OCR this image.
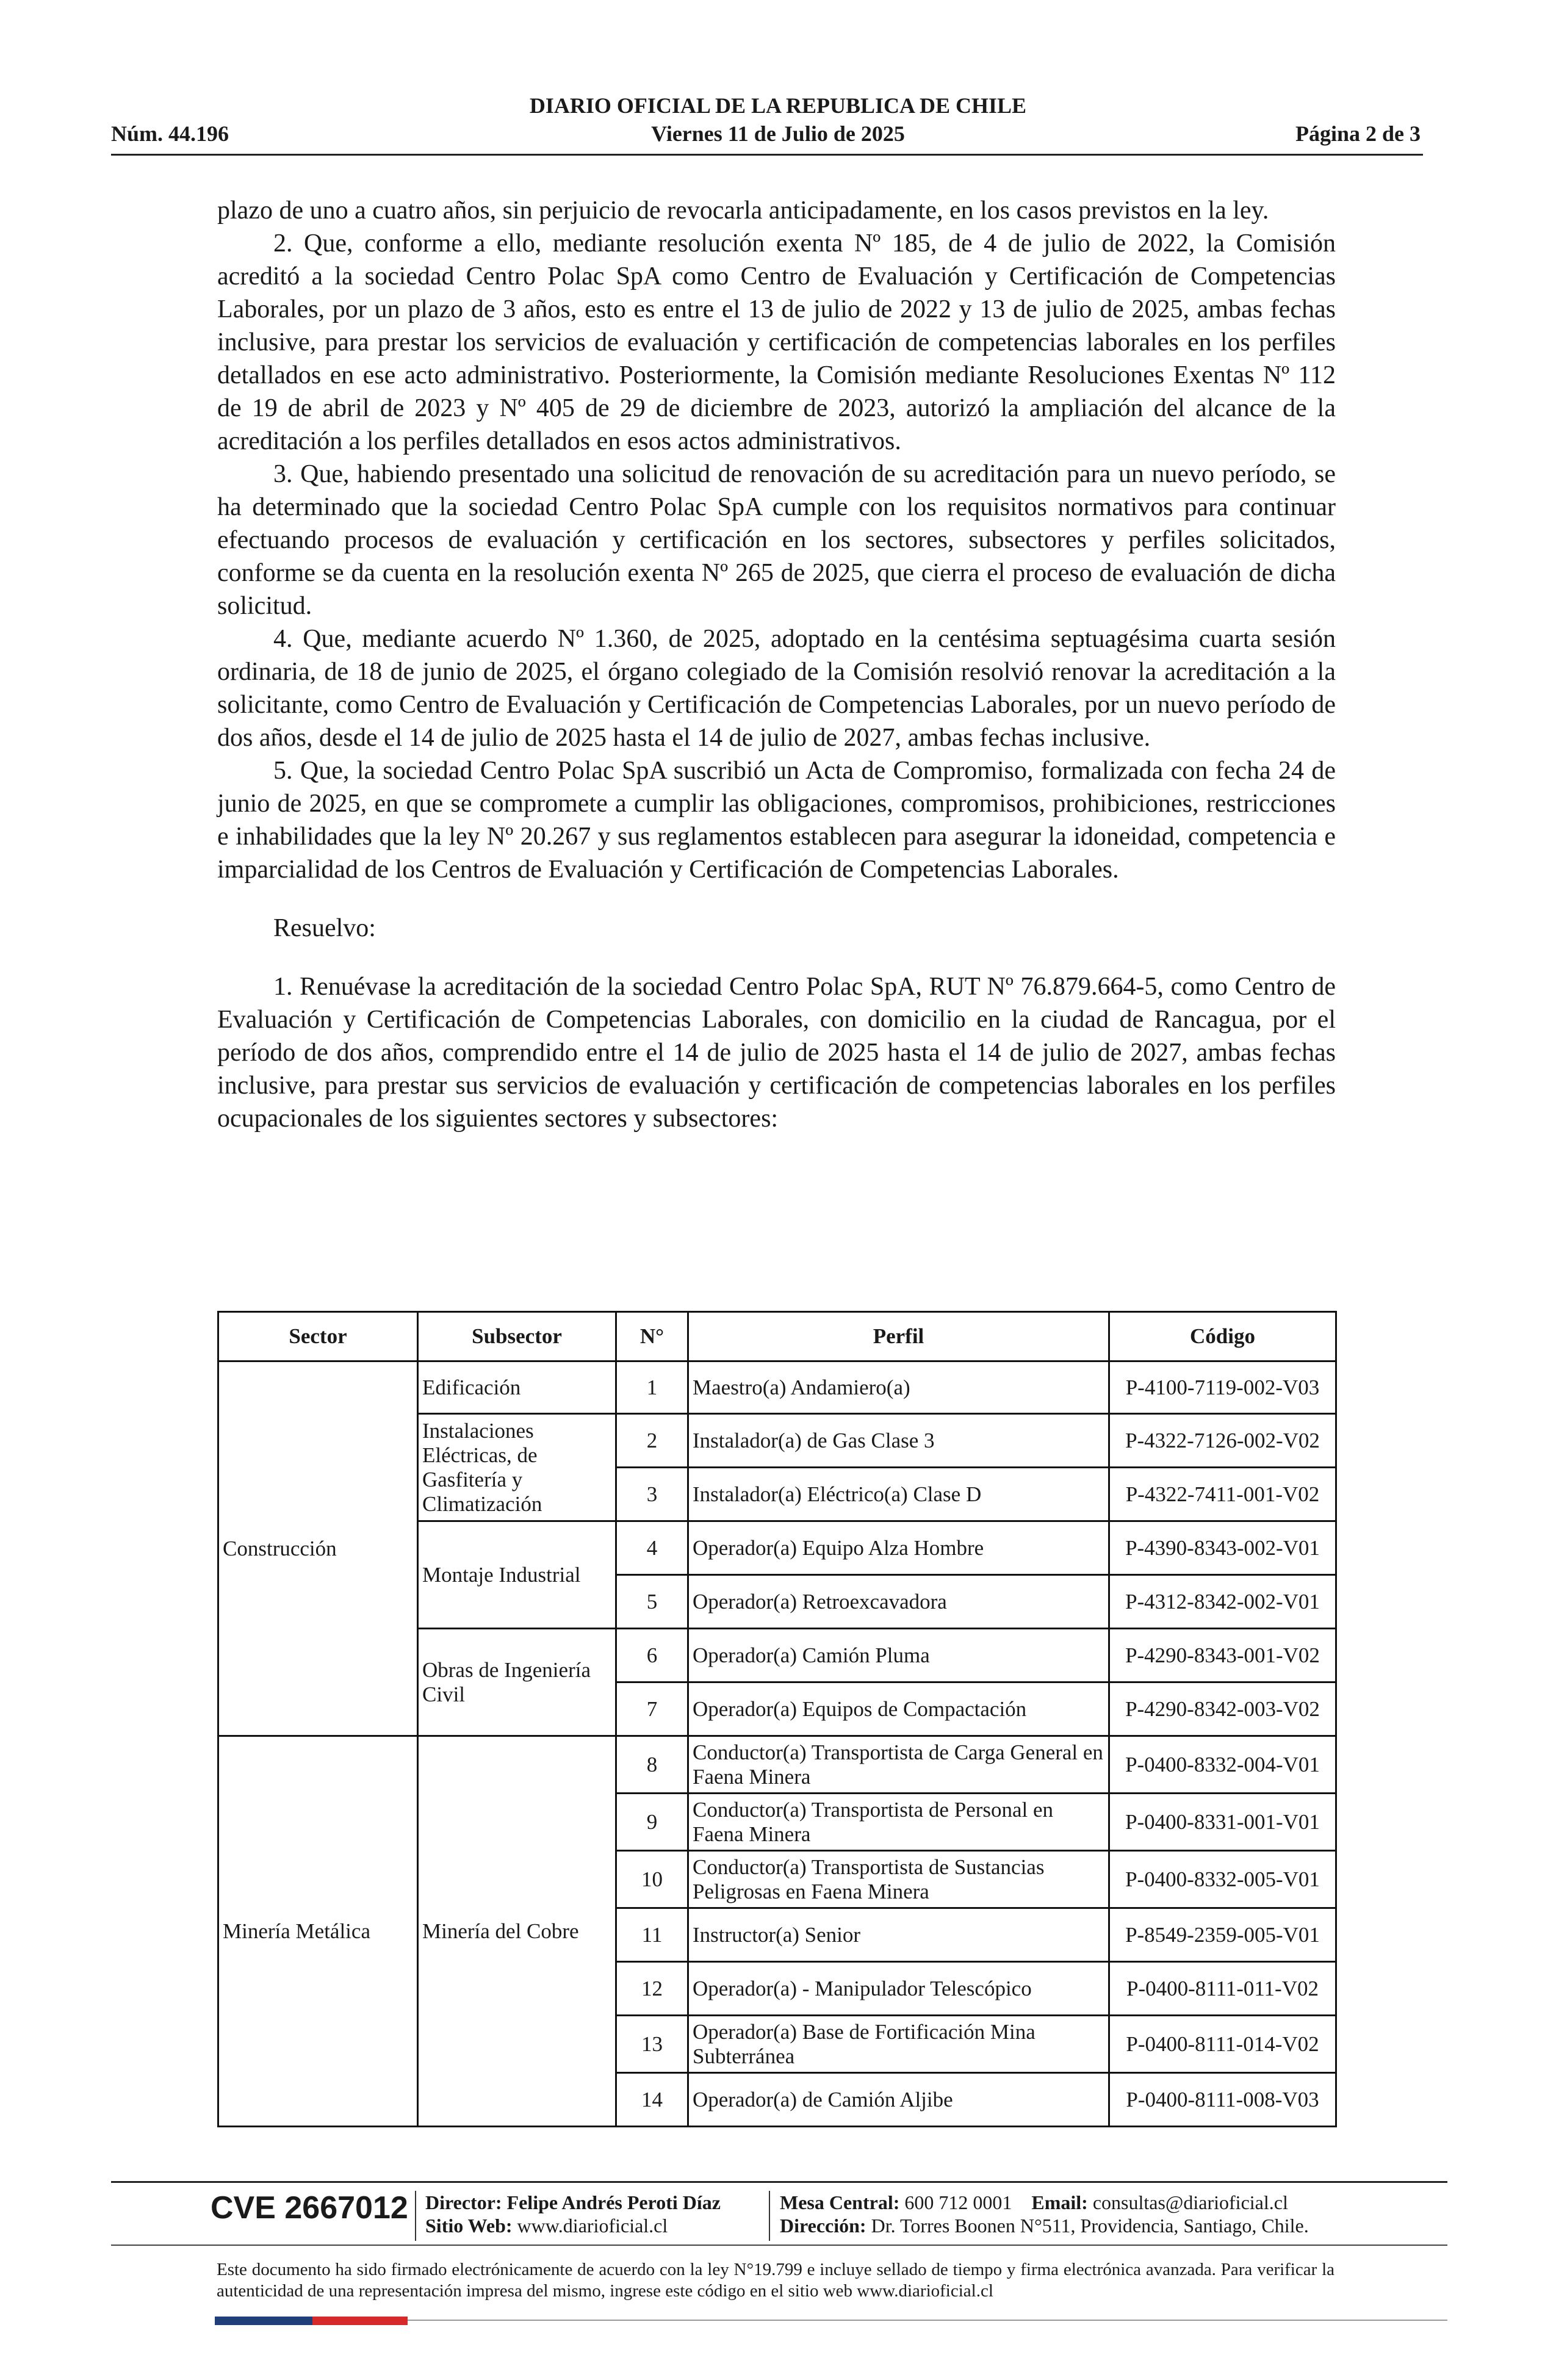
DIARIO OFICIAL DE LA REPUBLICA DE CHILE
Núm. 44.196	Viernes 11 de Julio de 2025	Página 2 de 3

plazo de uno a cuatro años, sin perjuicio de revocarla anticipadamente, en los casos previstos en la ley.

2. Que, conforme a ello, mediante resolución exenta Nº 185, de 4 de julio de 2022, la Comisión acreditó a la sociedad Centro Polac SpA como Centro de Evaluación y Certificación de Competencias Laborales, por un plazo de 3 años, esto es entre el 13 de julio de 2022 y 13 de julio de 2025, ambas fechas inclusive, para prestar los servicios de evaluación y certificación de competencias laborales en los perfiles detallados en ese acto administrativo. Posteriormente, la Comisión mediante Resoluciones Exentas Nº 112 de 19 de abril de 2023 y Nº 405 de 29 de diciembre de 2023, autorizó la ampliación del alcance de la acreditación a los perfiles detallados en esos actos administrativos.

3. Que, habiendo presentado una solicitud de renovación de su acreditación para un nuevo período, se ha determinado que la sociedad Centro Polac SpA cumple con los requisitos normativos para continuar efectuando procesos de evaluación y certificación en los sectores, subsectores y perfiles solicitados, conforme se da cuenta en la resolución exenta Nº 265 de 2025, que cierra el proceso de evaluación de dicha solicitud.

4. Que, mediante acuerdo Nº 1.360, de 2025, adoptado en la centésima septuagésima cuarta sesión ordinaria, de 18 de junio de 2025, el órgano colegiado de la Comisión resolvió renovar la acreditación a la solicitante, como Centro de Evaluación y Certificación de Competencias Laborales, por un nuevo período de dos años, desde el 14 de julio de 2025 hasta el 14 de julio de 2027, ambas fechas inclusive.

5. Que, la sociedad Centro Polac SpA suscribió un Acta de Compromiso, formalizada con fecha 24 de junio de 2025, en que se compromete a cumplir las obligaciones, compromisos, prohibiciones, restricciones e inhabilidades que la ley Nº 20.267 y sus reglamentos establecen para asegurar la idoneidad, competencia e imparcialidad de los Centros de Evaluación y Certificación de Competencias Laborales.

Resuelvo:

1. Renuévase la acreditación de la sociedad Centro Polac SpA, RUT Nº 76.879.664-5, como Centro de Evaluación y Certificación de Competencias Laborales, con domicilio en la ciudad de Rancagua, por el período de dos años, comprendido entre el 14 de julio de 2025 hasta el 14 de julio de 2027, ambas fechas inclusive, para prestar sus servicios de evaluación y certificación de competencias laborales en los perfiles ocupacionales de los siguientes sectores y subsectores:

Sector	Subsector	N°	Perfil	Código
Construcción	Edificación	1	Maestro(a) Andamiero(a)	P-4100-7119-002-V03
	Instalaciones Eléctricas, de Gasfitería y Climatización	2	Instalador(a) de Gas Clase 3	P-4322-7126-002-V02
		3	Instalador(a) Eléctrico(a) Clase D	P-4322-7411-001-V02
	Montaje Industrial	4	Operador(a) Equipo Alza Hombre	P-4390-8343-002-V01
		5	Operador(a) Retroexcavadora	P-4312-8342-002-V01
	Obras de Ingeniería Civil	6	Operador(a) Camión Pluma	P-4290-8343-001-V02
		7	Operador(a) Equipos de Compactación	P-4290-8342-003-V02
Minería Metálica	Minería del Cobre	8	Conductor(a) Transportista de Carga General en Faena Minera	P-0400-8332-004-V01
		9	Conductor(a) Transportista de Personal en Faena Minera	P-0400-8331-001-V01
		10	Conductor(a) Transportista de Sustancias Peligrosas en Faena Minera	P-0400-8332-005-V01
		11	Instructor(a) Senior	P-8549-2359-005-V01
		12	Operador(a) - Manipulador Telescópico	P-0400-8111-011-V02
		13	Operador(a) Base de Fortificación Mina Subterránea	P-0400-8111-014-V02
		14	Operador(a) de Camión Aljibe	P-0400-8111-008-V03
CVE 2667012 Director: Felipe Andrés Peroti Díaz
Sitio Web: www.diarioficial.cl
Mesa Central: 600 712 0001 Email: consultas@diarioficial.cl
Dirección: Dr. Torres Boonen N°511, Providencia, Santiago, Chile.
Este documento ha sido firmado electrónicamente de acuerdo con la ley N°19.799 e incluye sellado de tiempo y firma electrónica avanzada. Para verificar la autenticidad de una representación impresa del mismo, ingrese este código en el sitio web www.diarioficial.cl
